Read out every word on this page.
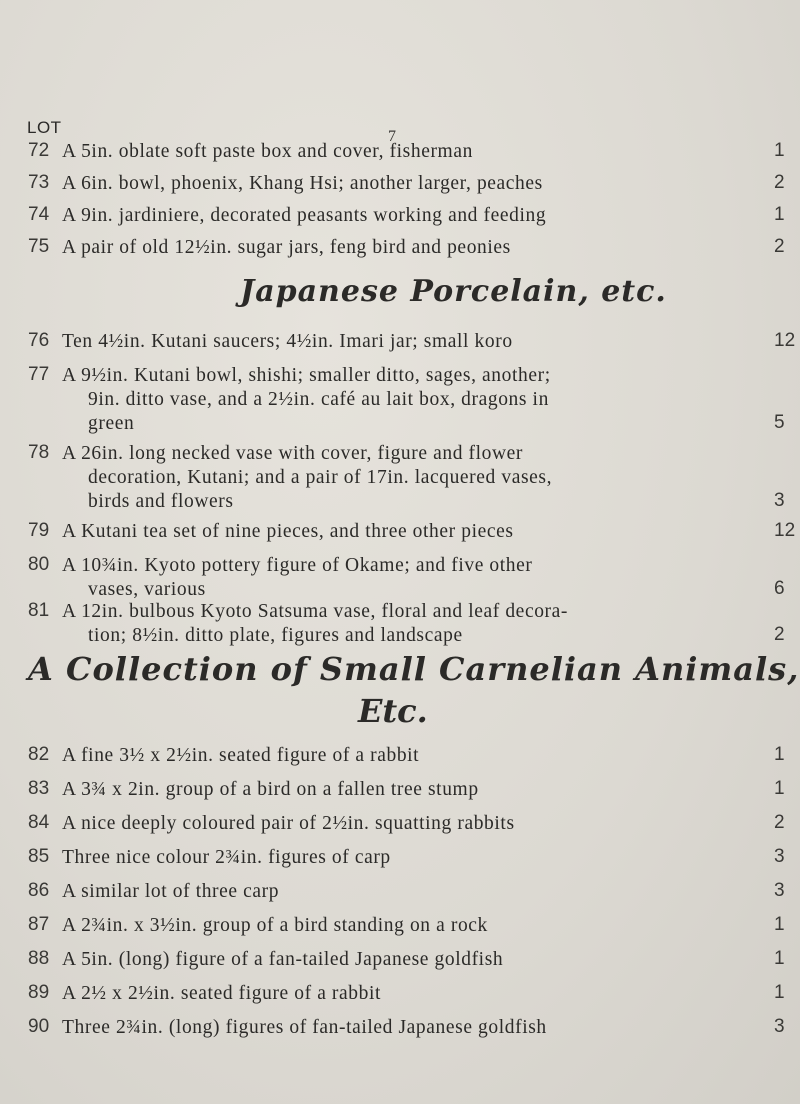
LOT	7
72 A 5in. oblate soft paste box and cover, fisherman	1
73 A 6in. bowl, phoenix, Khang Hsi; another larger, peaches	2
74 A 9in. jardiniere, decorated peasants working and feeding	1
75 A pair of old 12½in. sugar jars, feng bird and peonies	2
Japanese Porcelain, etc.
76 Ten 4½in. Kutani saucers; 4½in. Imari jar; small koro	12
77 A 9½in. Kutani bowl, shishi; smaller ditto, sages, another;
9in. ditto vase, and a 2½in. café au lait box, dragons in
green	5
78 A 26in. long necked vase with cover, figure and flower
decoration, Kutani; and a pair of 17in. lacquered vases,
birds and flowers	3
79 A Kutani tea set of nine pieces, and three other pieces	12
80 A 10¾in. Kyoto pottery figure of Okame; and five other
vases, various	6
81 A 12in. bulbous Kyoto Satsuma vase, floral and leaf decora-
tion; 8½in. ditto plate, figures and landscape	2
A Collection of Small Carnelian Animals,
Etc.
82 A fine 3½ x 2½in. seated figure of a rabbit	1
83 A 3¾ x 2in. group of a bird on a fallen tree stump	1
84 A nice deeply coloured pair of 2½in. squatting rabbits	2
85 Three nice colour 2¾in. figures of carp	3
86 A similar lot of three carp	3
87 A 2¾in. x 3½in. group of a bird standing on a rock	1
88 A 5in. (long) figure of a fan-tailed Japanese goldfish	1
89 A 2½ x 2½in. seated figure of a rabbit	1
90 Three 2¾in. (long) figures of fan-tailed Japanese goldfish	3
